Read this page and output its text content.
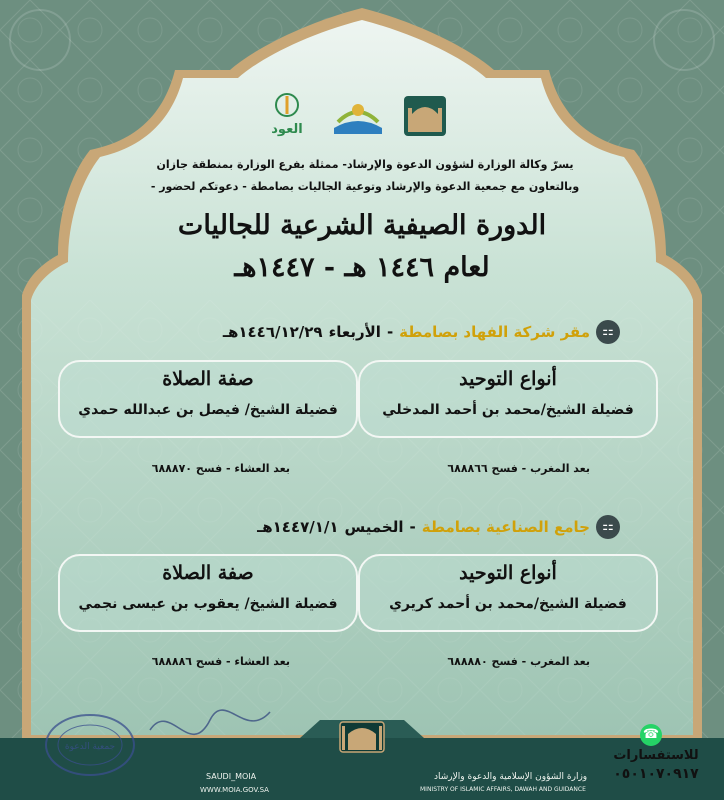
جمعية الدعوة
العود
يسرّ وكالة الوزارة لشؤون الدعوة والإرشاد- ممثلة بفرع الوزارة بمنطقة جازان
وبالتعاون مع جمعية الدعوة والإرشاد وتوعية الجاليات بصامطة - دعوتكم لحضور -
الدورة الصيفية الشرعية للجاليات
لعام ١٤٤٦ هـ - ١٤٤٧هـ
⚏
مقر شركة الفهاد بصامطة-الأربعاء١٤٤٦/١٢/٢٩هـ
أنواع التوحيد
فضيلة الشيخ/محمد بن أحمد المدخلي
صفة الصلاة
فضيلة الشيخ/ فيصل بن عبدالله حمدي
بعد المغرب - فسح ٦٨٨٨٦٦
بعد العشاء - فسح ٦٨٨٨٧٠
⚏
جامع الصناعية بصامطة-الخميس١٤٤٧/١/١هـ
أنواع التوحيد
فضيلة الشيخ/محمد بن أحمد كريري
صفة الصلاة
فضيلة الشيخ/ يعقوب بن عيسى نجمي
بعد المغرب - فسح ٦٨٨٨٨٠
بعد العشاء - فسح ٦٨٨٨٨٦
وزارة الشؤون الإسلامية والدعوة والإرشاد
MINISTRY OF ISLAMIC AFFAIRS, DAWAH AND GUIDANCE
SAUDI_MOIA
WWW.MOIA.GOV.SA
☎
للاستفسارات
٠٥٠١٠٧٠٩١٧
